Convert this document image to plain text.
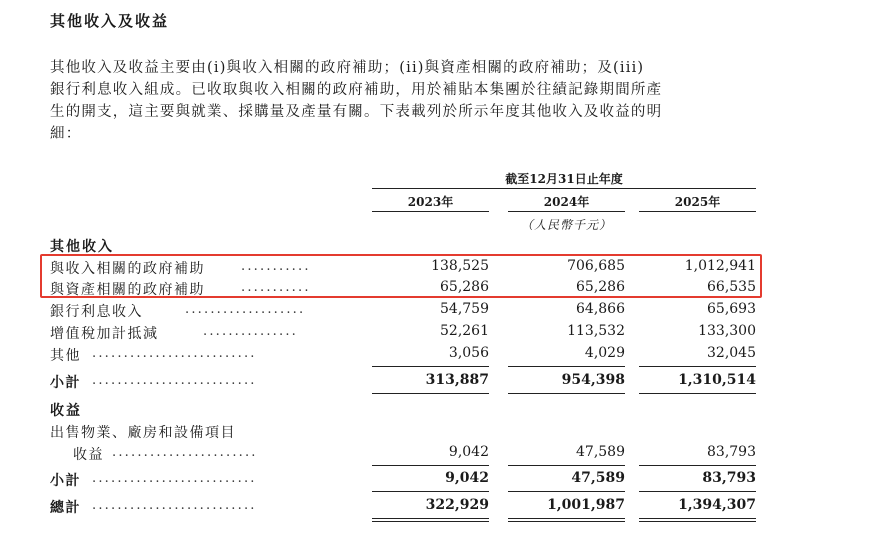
其他收入及收益
其他收入及收益主要由(i)與收入相關的政府補助；(ii)與資產相關的政府補助；及(iii)
銀行利息收入組成。已收取與收入相關的政府補助，用於補貼本集團於往績記錄期間所產
生的開支，這主要與就業、採購量及產量有關。下表載列於所示年度其他收入及收益的明
細：
截至12月31日止年度
2023年	2024年	2025年
（人民幣千元）
其他收入
與收入相關的政府補助	...........	138,525	706,685	1,012,941
與資產相關的政府補助	...........	65,286	65,286	66,535
銀行利息收入	...................	54,759	64,866	65,693
增值稅加計抵減	...............	52,261	113,532	133,300
其他 ..........................	3,056	4,029	32,045
小計 ..........................	313,887	954,398	1,310,514
收益
出售物業、廠房和設備項目
收益 .......................	9,042	47,589	83,793
小計 ..........................	9,042	47,589	83,793
總計 ..........................	322,929	1,001,987	1,394,307
